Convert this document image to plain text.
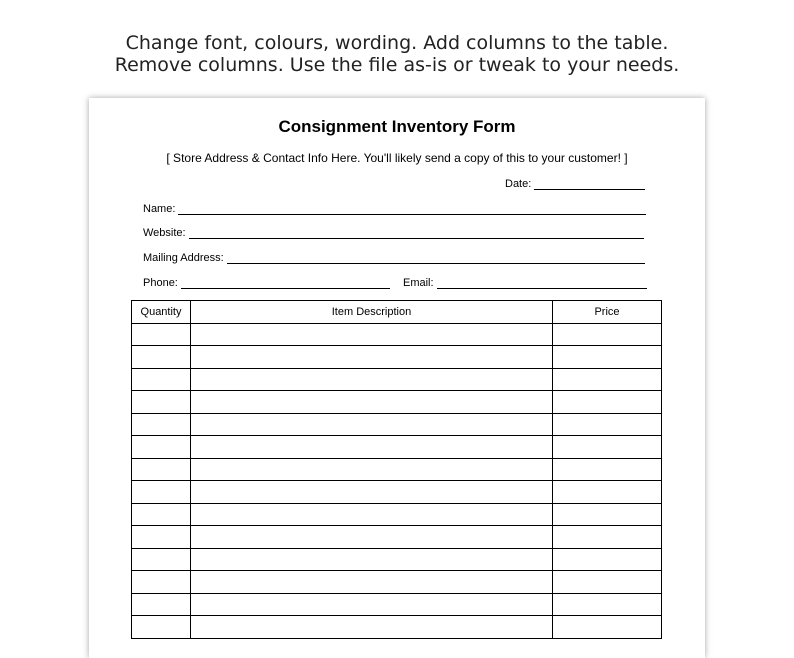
Change font, colours, wording. Add columns to the table.
Remove columns. Use the file as-is or tweak to your needs.
Consignment Inventory Form
[ Store Address & Contact Info Here. You'll likely send a copy of this to your customer! ]
Date:
Name:
Website:
Mailing Address:
Phone:	Email:
Quantity	Item Description	Price
